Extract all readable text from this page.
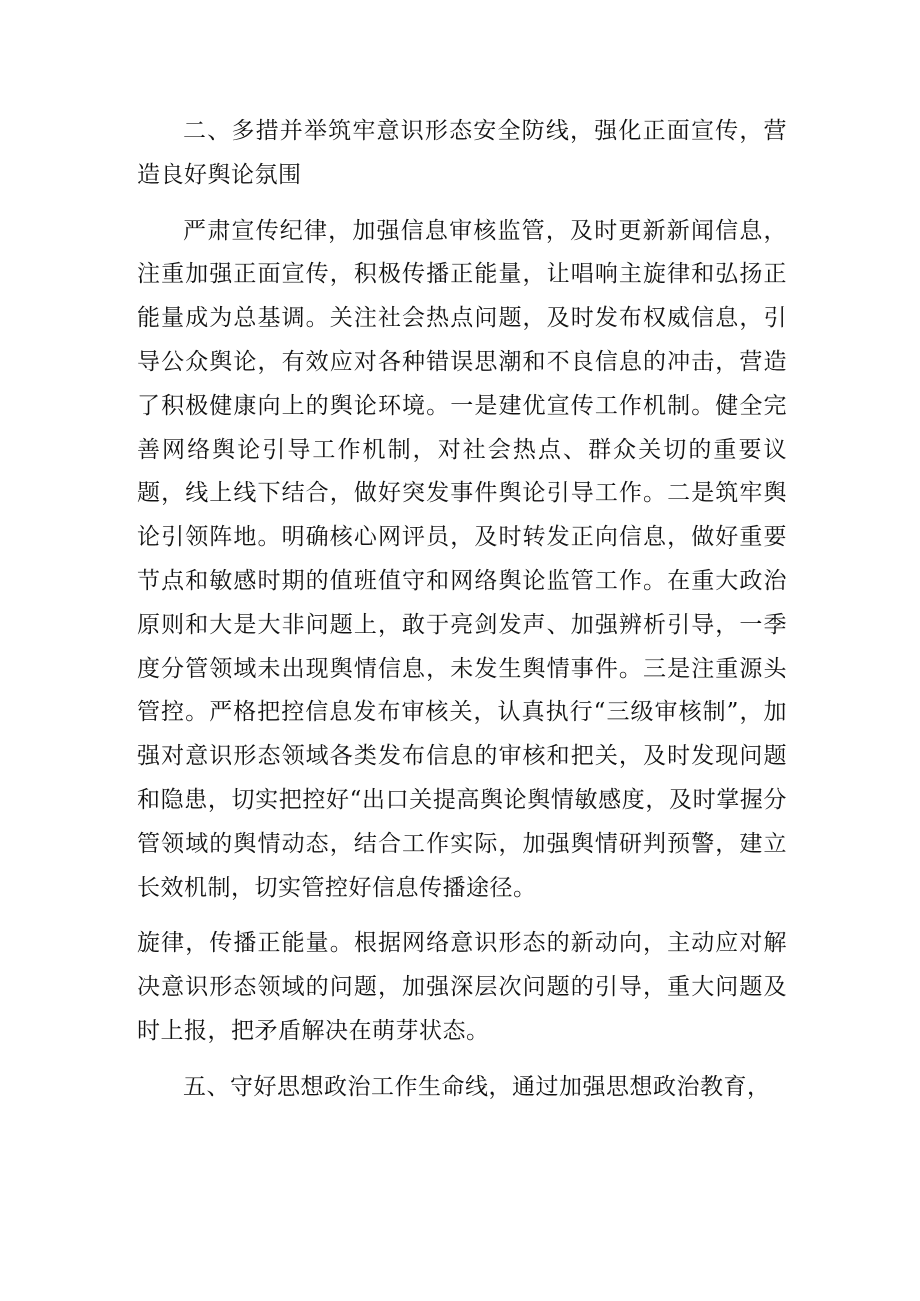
二、多措并举筑牢意识形态安全防线，强化正面宣传，营造良好舆论氛围

严肃宣传纪律，加强信息审核监管，及时更新新闻信息，注重加强正面宣传，积极传播正能量，让唱响主旋律和弘扬正能量成为总基调。关注社会热点问题，及时发布权威信息，引导公众舆论，有效应对各种错误思潮和不良信息的冲击，营造了积极健康向上的舆论环境。一是建优宣传工作机制。健全完善网络舆论引导工作机制，对社会热点、群众关切的重要议题，线上线下结合，做好突发事件舆论引导工作。二是筑牢舆论引领阵地。明确核心网评员，及时转发正向信息，做好重要节点和敏感时期的值班值守和网络舆论监管工作。在重大政治原则和大是大非问题上，敢于亮剑发声、加强辨析引导，一季度分管领域未出现舆情信息，未发生舆情事件。三是注重源头管控。严格把控信息发布审核关，认真执行“三级审核制”，加强对意识形态领域各类发布信息的审核和把关，及时发现问题和隐患，切实把控好“出口关提高舆论舆情敏感度，及时掌握分管领域的舆情动态，结合工作实际，加强舆情研判预警，建立长效机制，切实管控好信息传播途径。

旋律，传播正能量。根据网络意识形态的新动向，主动应对解决意识形态领域的问题，加强深层次问题的引导，重大问题及时上报，把矛盾解决在萌芽状态。

五、守好思想政治工作生命线，通过加强思想政治教育，
